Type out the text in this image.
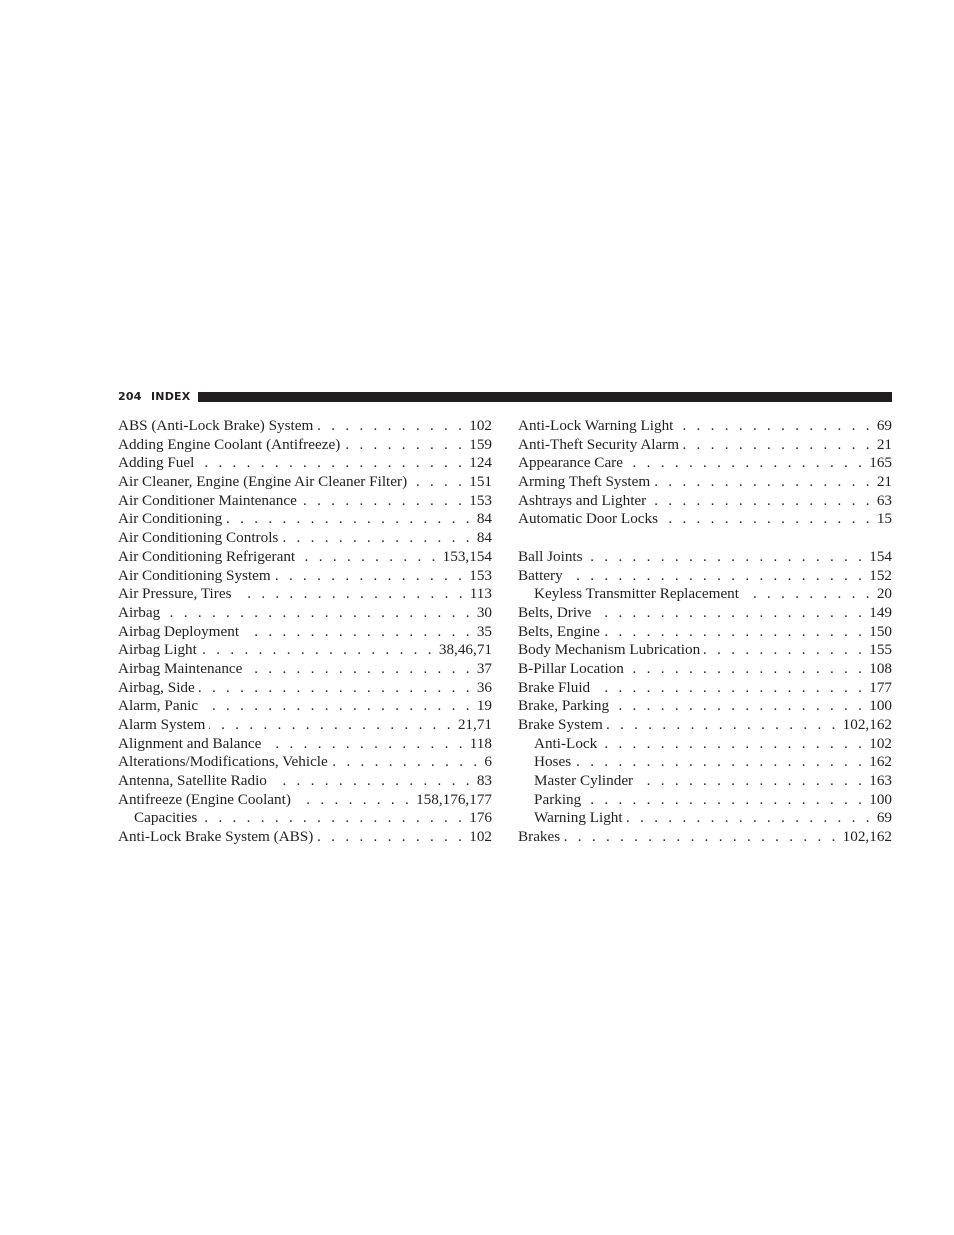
204 INDEX
ABS (Anti-Lock Brake) System . . .	102
Adding Engine Coolant (Antifreeze) . . .	159
Adding Fuel . . .	124
Air Cleaner, Engine (Engine Air Cleaner Filter) . . .	151
Air Conditioner Maintenance . . .	153
Air Conditioning . . .	84
Air Conditioning Controls . . .	84
Air Conditioning Refrigerant . . .	153,154
Air Conditioning System . . .	153
Air Pressure, Tires . . .	113
Airbag . . .	30
Airbag Deployment . . .	35
Airbag Light . . .	38,46,71
Airbag Maintenance . . .	37
Airbag, Side . . .	36
Alarm, Panic . . .	19
Alarm System . . .	21,71
Alignment and Balance . . .	118
Alterations/Modifications, Vehicle . . .	6
Antenna, Satellite Radio . . .	83
Antifreeze (Engine Coolant) . . .	158,176,177
Capacities . . .	176
Anti-Lock Brake System (ABS) . . .	102
Anti-Lock Warning Light . . .	69
Anti-Theft Security Alarm . . .	21
Appearance Care . . .	165
Arming Theft System . . .	21
Ashtrays and Lighter . . .	63
Automatic Door Locks . . .	15
Ball Joints . . .	154
Battery . . .	152
Keyless Transmitter Replacement . . .	20
Belts, Drive . . .	149
Belts, Engine . . .	150
Body Mechanism Lubrication . . .	155
B-Pillar Location . . .	108
Brake Fluid . . .	177
Brake, Parking . . .	100
Brake System . . .	102,162
Anti-Lock . . .	102
Hoses . . .	162
Master Cylinder . . .	163
Parking . . .	100
Warning Light . . .	69
Brakes . . .	102,162
